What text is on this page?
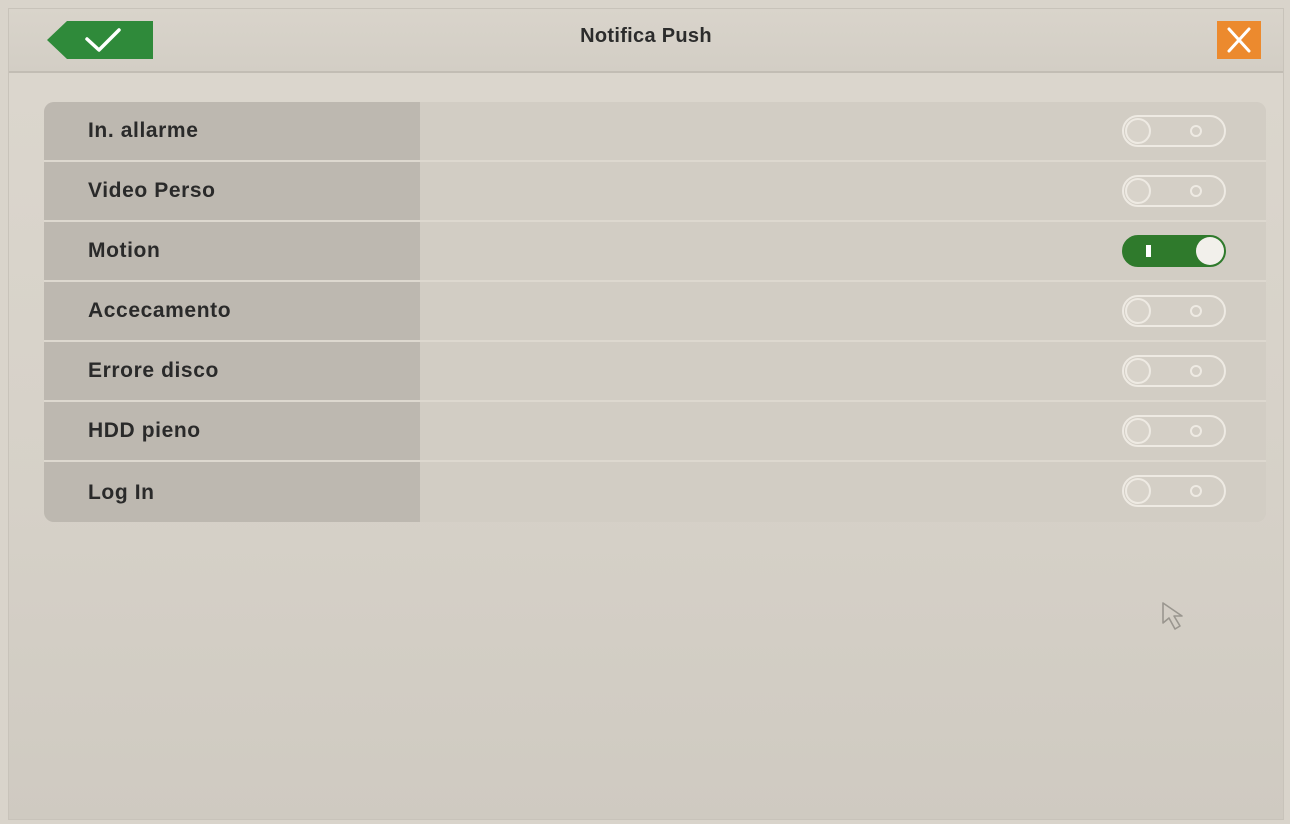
Notifica Push
In. allarme
Video Perso
Motion
Accecamento
Errore disco
HDD pieno
Log In
